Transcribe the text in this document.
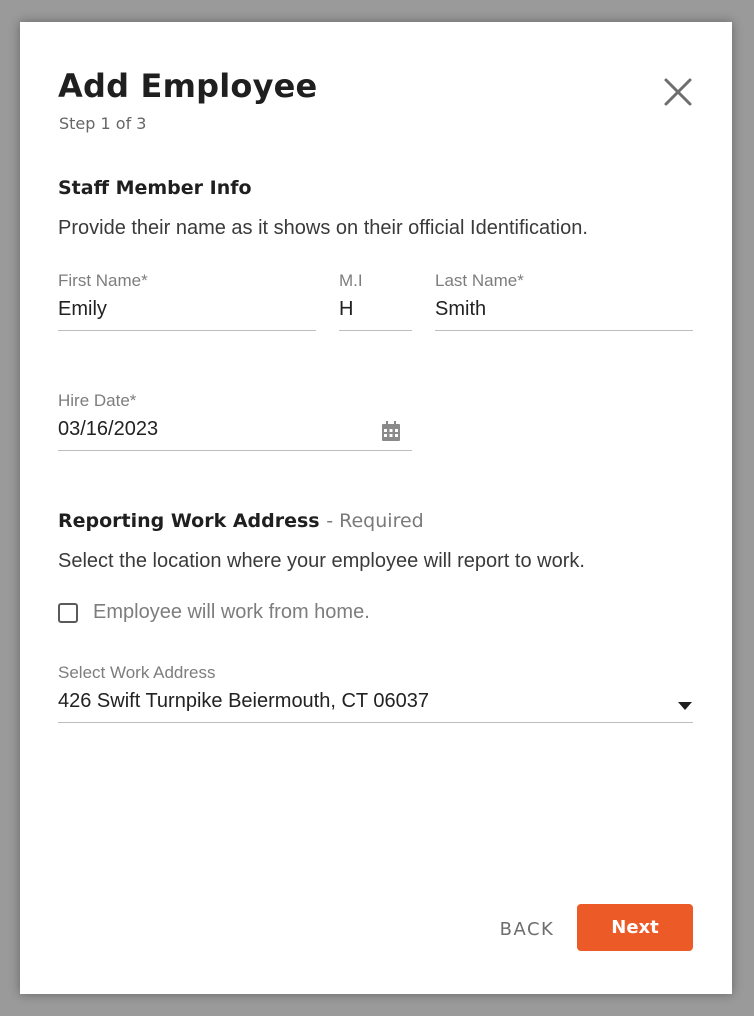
Add Employee
Step 1 of 3
Staff Member Info
Provide their name as it shows on their official Identification.
First Name*
Emily
M.I
H
Last Name*
Smith
Hire Date*
03/16/2023
Reporting Work Address - Required
Select the location where your employee will report to work.
Employee will work from home.
Select Work Address
426 Swift Turnpike Beiermouth, CT 06037
BACK	Next
